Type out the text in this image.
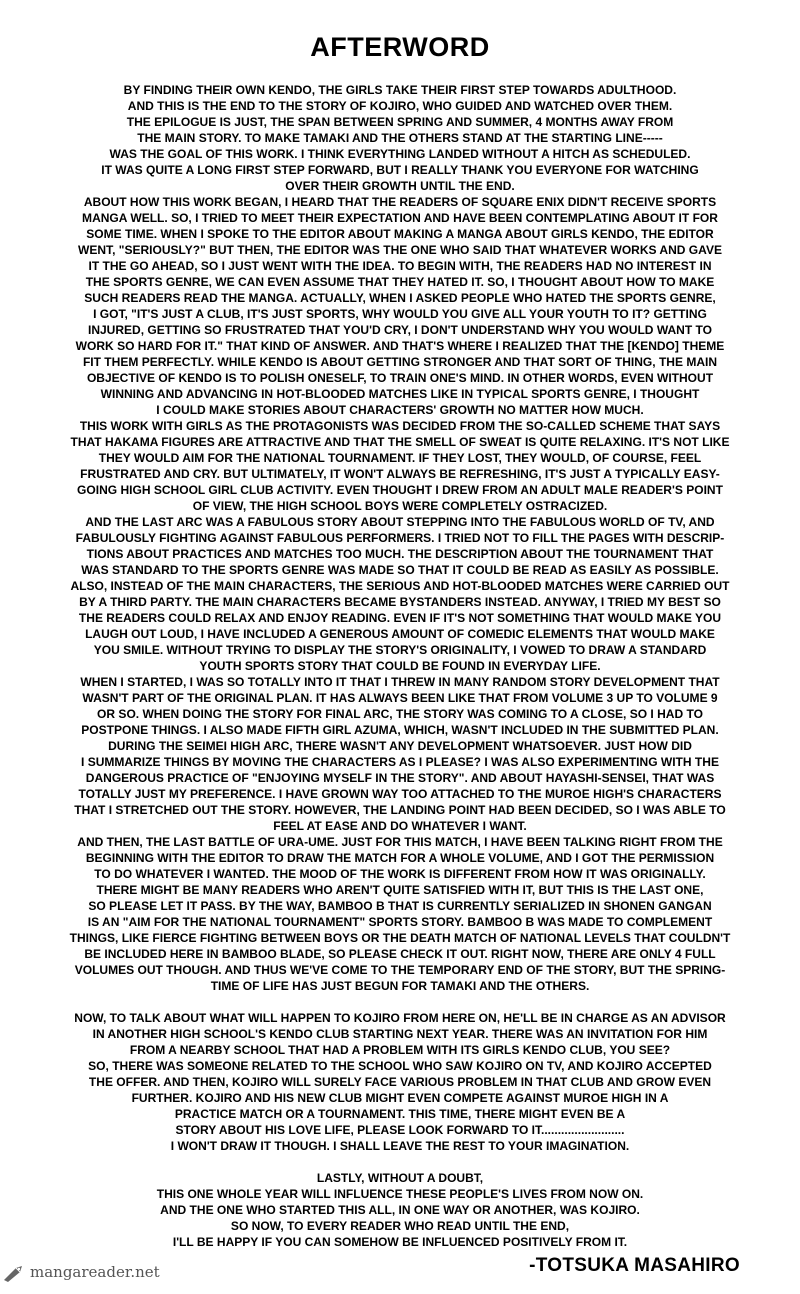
AFTERWORD

BY FINDING THEIR OWN KENDO, THE GIRLS TAKE THEIR FIRST STEP TOWARDS ADULTHOOD.
AND THIS IS THE END TO THE STORY OF KOJIRO, WHO GUIDED AND WATCHED OVER THEM.
THE EPILOGUE IS JUST, THE SPAN BETWEEN SPRING AND SUMMER, 4 MONTHS AWAY FROM
THE MAIN STORY. TO MAKE TAMAKI AND THE OTHERS STAND AT THE STARTING LINE-----
WAS THE GOAL OF THIS WORK. I THINK EVERYTHING LANDED WITHOUT A HITCH AS SCHEDULED.
IT WAS QUITE A LONG FIRST STEP FORWARD, BUT I REALLY THANK YOU EVERYONE FOR WATCHING
OVER THEIR GROWTH UNTIL THE END.

ABOUT HOW THIS WORK BEGAN, I HEARD THAT THE READERS OF SQUARE ENIX DIDN'T RECEIVE SPORTS
MANGA WELL. SO, I TRIED TO MEET THEIR EXPECTATION AND HAVE BEEN CONTEMPLATING ABOUT IT FOR
SOME TIME. WHEN I SPOKE TO THE EDITOR ABOUT MAKING A MANGA ABOUT GIRLS KENDO, THE EDITOR
WENT, "SERIOUSLY?" BUT THEN, THE EDITOR WAS THE ONE WHO SAID THAT WHATEVER WORKS AND GAVE
IT THE GO AHEAD, SO I JUST WENT WITH THE IDEA. TO BEGIN WITH, THE READERS HAD NO INTEREST IN
THE SPORTS GENRE, WE CAN EVEN ASSUME THAT THEY HATED IT. SO, I THOUGHT ABOUT HOW TO MAKE
SUCH READERS READ THE MANGA. ACTUALLY, WHEN I ASKED PEOPLE WHO HATED THE SPORTS GENRE,
I GOT, "IT'S JUST A CLUB, IT'S JUST SPORTS, WHY WOULD YOU GIVE ALL YOUR YOUTH TO IT? GETTING
INJURED, GETTING SO FRUSTRATED THAT YOU'D CRY, I DON'T UNDERSTAND WHY YOU WOULD WANT TO
WORK SO HARD FOR IT." THAT KIND OF ANSWER. AND THAT'S WHERE I REALIZED THAT THE [KENDO] THEME
FIT THEM PERFECTLY. WHILE KENDO IS ABOUT GETTING STRONGER AND THAT SORT OF THING, THE MAIN
OBJECTIVE OF KENDO IS TO POLISH ONESELF, TO TRAIN ONE'S MIND. IN OTHER WORDS, EVEN WITHOUT
WINNING AND ADVANCING IN HOT-BLOODED MATCHES LIKE IN TYPICAL SPORTS GENRE, I THOUGHT
I COULD MAKE STORIES ABOUT CHARACTERS' GROWTH NO MATTER HOW MUCH.

THIS WORK WITH GIRLS AS THE PROTAGONISTS WAS DECIDED FROM THE SO-CALLED SCHEME THAT SAYS
THAT HAKAMA FIGURES ARE ATTRACTIVE AND THAT THE SMELL OF SWEAT IS QUITE RELAXING. IT'S NOT LIKE
THEY WOULD AIM FOR THE NATIONAL TOURNAMENT. IF THEY LOST, THEY WOULD, OF COURSE, FEEL
FRUSTRATED AND CRY. BUT ULTIMATELY, IT WON'T ALWAYS BE REFRESHING, IT'S JUST A TYPICALLY EASY-
GOING HIGH SCHOOL GIRL CLUB ACTIVITY. EVEN THOUGHT I DREW FROM AN ADULT MALE READER'S POINT
OF VIEW, THE HIGH SCHOOL BOYS WERE COMPLETELY OSTRACIZED.

AND THE LAST ARC WAS A FABULOUS STORY ABOUT STEPPING INTO THE FABULOUS WORLD OF TV, AND
FABULOUSLY FIGHTING AGAINST FABULOUS PERFORMERS. I TRIED NOT TO FILL THE PAGES WITH DESCRIP-
TIONS ABOUT PRACTICES AND MATCHES TOO MUCH. THE DESCRIPTION ABOUT THE TOURNAMENT THAT
WAS STANDARD TO THE SPORTS GENRE WAS MADE SO THAT IT COULD BE READ AS EASILY AS POSSIBLE.
ALSO, INSTEAD OF THE MAIN CHARACTERS, THE SERIOUS AND HOT-BLOODED MATCHES WERE CARRIED OUT
BY A THIRD PARTY. THE MAIN CHARACTERS BECAME BYSTANDERS INSTEAD. ANYWAY, I TRIED MY BEST SO
THE READERS COULD RELAX AND ENJOY READING. EVEN IF IT'S NOT SOMETHING THAT WOULD MAKE YOU
LAUGH OUT LOUD, I HAVE INCLUDED A GENEROUS AMOUNT OF COMEDIC ELEMENTS THAT WOULD MAKE
YOU SMILE. WITHOUT TRYING TO DISPLAY THE STORY'S ORIGINALITY, I VOWED TO DRAW A STANDARD
YOUTH SPORTS STORY THAT COULD BE FOUND IN EVERYDAY LIFE.

WHEN I STARTED, I WAS SO TOTALLY INTO IT THAT I THREW IN MANY RANDOM STORY DEVELOPMENT THAT
WASN'T PART OF THE ORIGINAL PLAN. IT HAS ALWAYS BEEN LIKE THAT FROM VOLUME 3 UP TO VOLUME 9
OR SO. WHEN DOING THE STORY FOR FINAL ARC, THE STORY WAS COMING TO A CLOSE, SO I HAD TO
POSTPONE THINGS. I ALSO MADE FIFTH GIRL AZUMA, WHICH, WASN'T INCLUDED IN THE SUBMITTED PLAN.
DURING THE SEIMEI HIGH ARC, THERE WASN'T ANY DEVELOPMENT WHATSOEVER. JUST HOW DID
I SUMMARIZE THINGS BY MOVING THE CHARACTERS AS I PLEASE? I WAS ALSO EXPERIMENTING WITH THE
DANGEROUS PRACTICE OF "ENJOYING MYSELF IN THE STORY". AND ABOUT HAYASHI-SENSEI, THAT WAS
TOTALLY JUST MY PREFERENCE. I HAVE GROWN WAY TOO ATTACHED TO THE MUROE HIGH'S CHARACTERS
THAT I STRETCHED OUT THE STORY. HOWEVER, THE LANDING POINT HAD BEEN DECIDED, SO I WAS ABLE TO
FEEL AT EASE AND DO WHATEVER I WANT.

AND THEN, THE LAST BATTLE OF URA-UME. JUST FOR THIS MATCH, I HAVE BEEN TALKING RIGHT FROM THE
BEGINNING WITH THE EDITOR TO DRAW THE MATCH FOR A WHOLE VOLUME, AND I GOT THE PERMISSION
TO DO WHATEVER I WANTED. THE MOOD OF THE WORK IS DIFFERENT FROM HOW IT WAS ORIGINALLY.
THERE MIGHT BE MANY READERS WHO AREN'T QUITE SATISFIED WITH IT, BUT THIS IS THE LAST ONE,
SO PLEASE LET IT PASS. BY THE WAY, BAMBOO B THAT IS CURRENTLY SERIALIZED IN SHONEN GANGAN
IS AN "AIM FOR THE NATIONAL TOURNAMENT" SPORTS STORY. BAMBOO B WAS MADE TO COMPLEMENT
THINGS, LIKE FIERCE FIGHTING BETWEEN BOYS OR THE DEATH MATCH OF NATIONAL LEVELS THAT COULDN'T
BE INCLUDED HERE IN BAMBOO BLADE, SO PLEASE CHECK IT OUT. RIGHT NOW, THERE ARE ONLY 4 FULL
VOLUMES OUT THOUGH. AND THUS WE'VE COME TO THE TEMPORARY END OF THE STORY, BUT THE SPRING-
TIME OF LIFE HAS JUST BEGUN FOR TAMAKI AND THE OTHERS.

NOW, TO TALK ABOUT WHAT WILL HAPPEN TO KOJIRO FROM HERE ON, HE'LL BE IN CHARGE AS AN ADVISOR
IN ANOTHER HIGH SCHOOL'S KENDO CLUB STARTING NEXT YEAR. THERE WAS AN INVITATION FOR HIM
FROM A NEARBY SCHOOL THAT HAD A PROBLEM WITH ITS GIRLS KENDO CLUB, YOU SEE?
SO, THERE WAS SOMEONE RELATED TO THE SCHOOL WHO SAW KOJIRO ON TV, AND KOJIRO ACCEPTED
THE OFFER. AND THEN, KOJIRO WILL SURELY FACE VARIOUS PROBLEM IN THAT CLUB AND GROW EVEN
FURTHER. KOJIRO AND HIS NEW CLUB MIGHT EVEN COMPETE AGAINST MUROE HIGH IN A
PRACTICE MATCH OR A TOURNAMENT. THIS TIME, THERE MIGHT EVEN BE A
STORY ABOUT HIS LOVE LIFE, PLEASE LOOK FORWARD TO IT.........................
I WON'T DRAW IT THOUGH. I SHALL LEAVE THE REST TO YOUR IMAGINATION.

LASTLY, WITHOUT A DOUBT,
THIS ONE WHOLE YEAR WILL INFLUENCE THESE PEOPLE'S LIVES FROM NOW ON.
AND THE ONE WHO STARTED THIS ALL, IN ONE WAY OR ANOTHER, WAS KOJIRO.
SO NOW, TO EVERY READER WHO READ UNTIL THE END,
I'LL BE HAPPY IF YOU CAN SOMEHOW BE INFLUENCED POSITIVELY FROM IT.

-TOTSUKA MASAHIRO
mangareader.net
